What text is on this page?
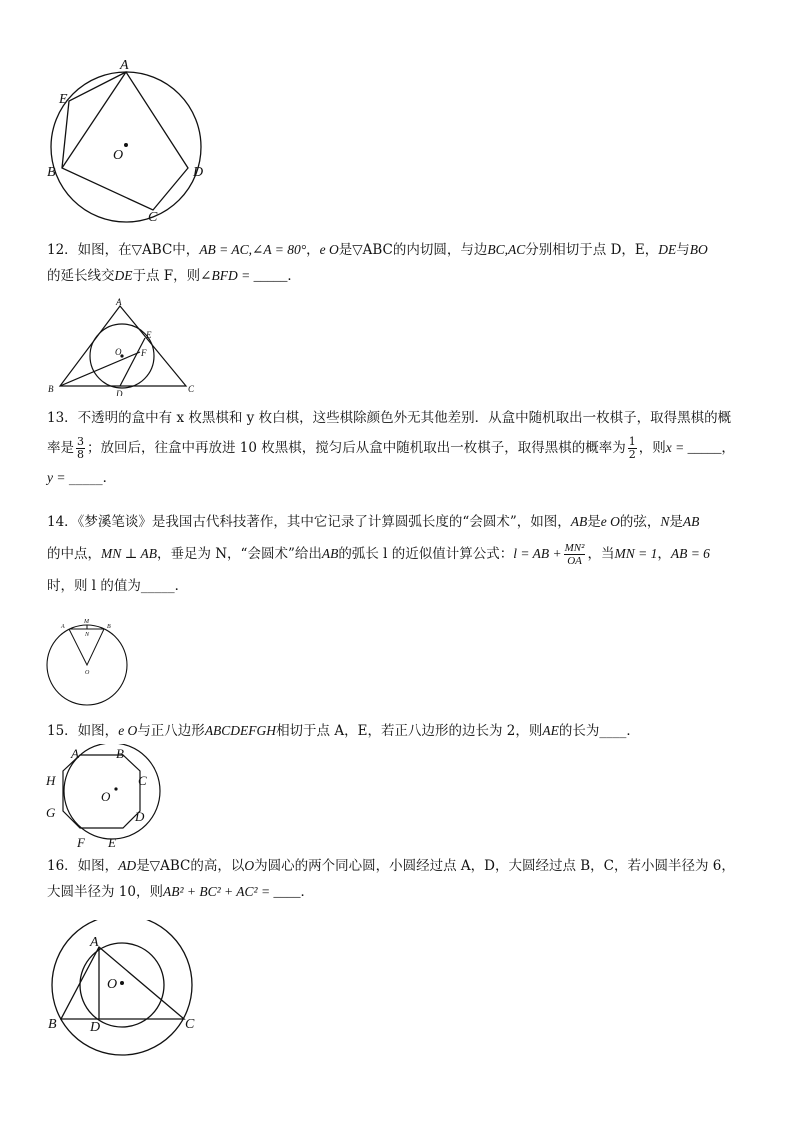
A
E
B
C
D
O
12．如图，在▽ABC中，AB = AC,∠A = 80°，e O是▽ABC的内切圆，与边BC,AC分别相切于点 D，E，DE与BO
的延长线交DE于点 F，则∠BFD = _____．
A
E
O F
B	D	C
13．不透明的盒中有 x 枚黑棋和 y 枚白棋，这些棋除颜色外无其他差别．从盒中随机取出一枚棋子，取得黑棋的概
率是 $\frac{3}{8}$ ；放回后，往盒中再放进 10 枚黑棋，搅匀后从盒中随机取出一枚棋子，取得黑棋的概率为 $\frac{1}{2}$ ，则x = _____，
y = _____．
14．《梦溪笔谈》是我国古代科技著作，其中它记录了计算圆弧长度的“会圆术”，如图，AB是e O的弦，N是AB
的中点，MN ⊥ AB，垂足为 N，“会圆术”给出AB的弧长 l 的近似值计算公式：l = AB + $\frac{\text{MN²}}{OA}$ ，当MN = 1，AB = 6
时，则 l 的值为_____．
A
M
N
B
O
15．如图，e O与正八边形ABCDEFGH相切于点 A，E，若正八边形的边长为 2，则AE的长为____．
A	B
C
D
E
F
G
H
O
16．如图，AD是▽ABC的高，以O为圆心的两个同心圆，小圆经过点 A，D，大圆经过点 B，C，若小圆半径为 6，
大圆半径为 10，则AB² + BC² + AC² = ____．
A
O
B D	C
